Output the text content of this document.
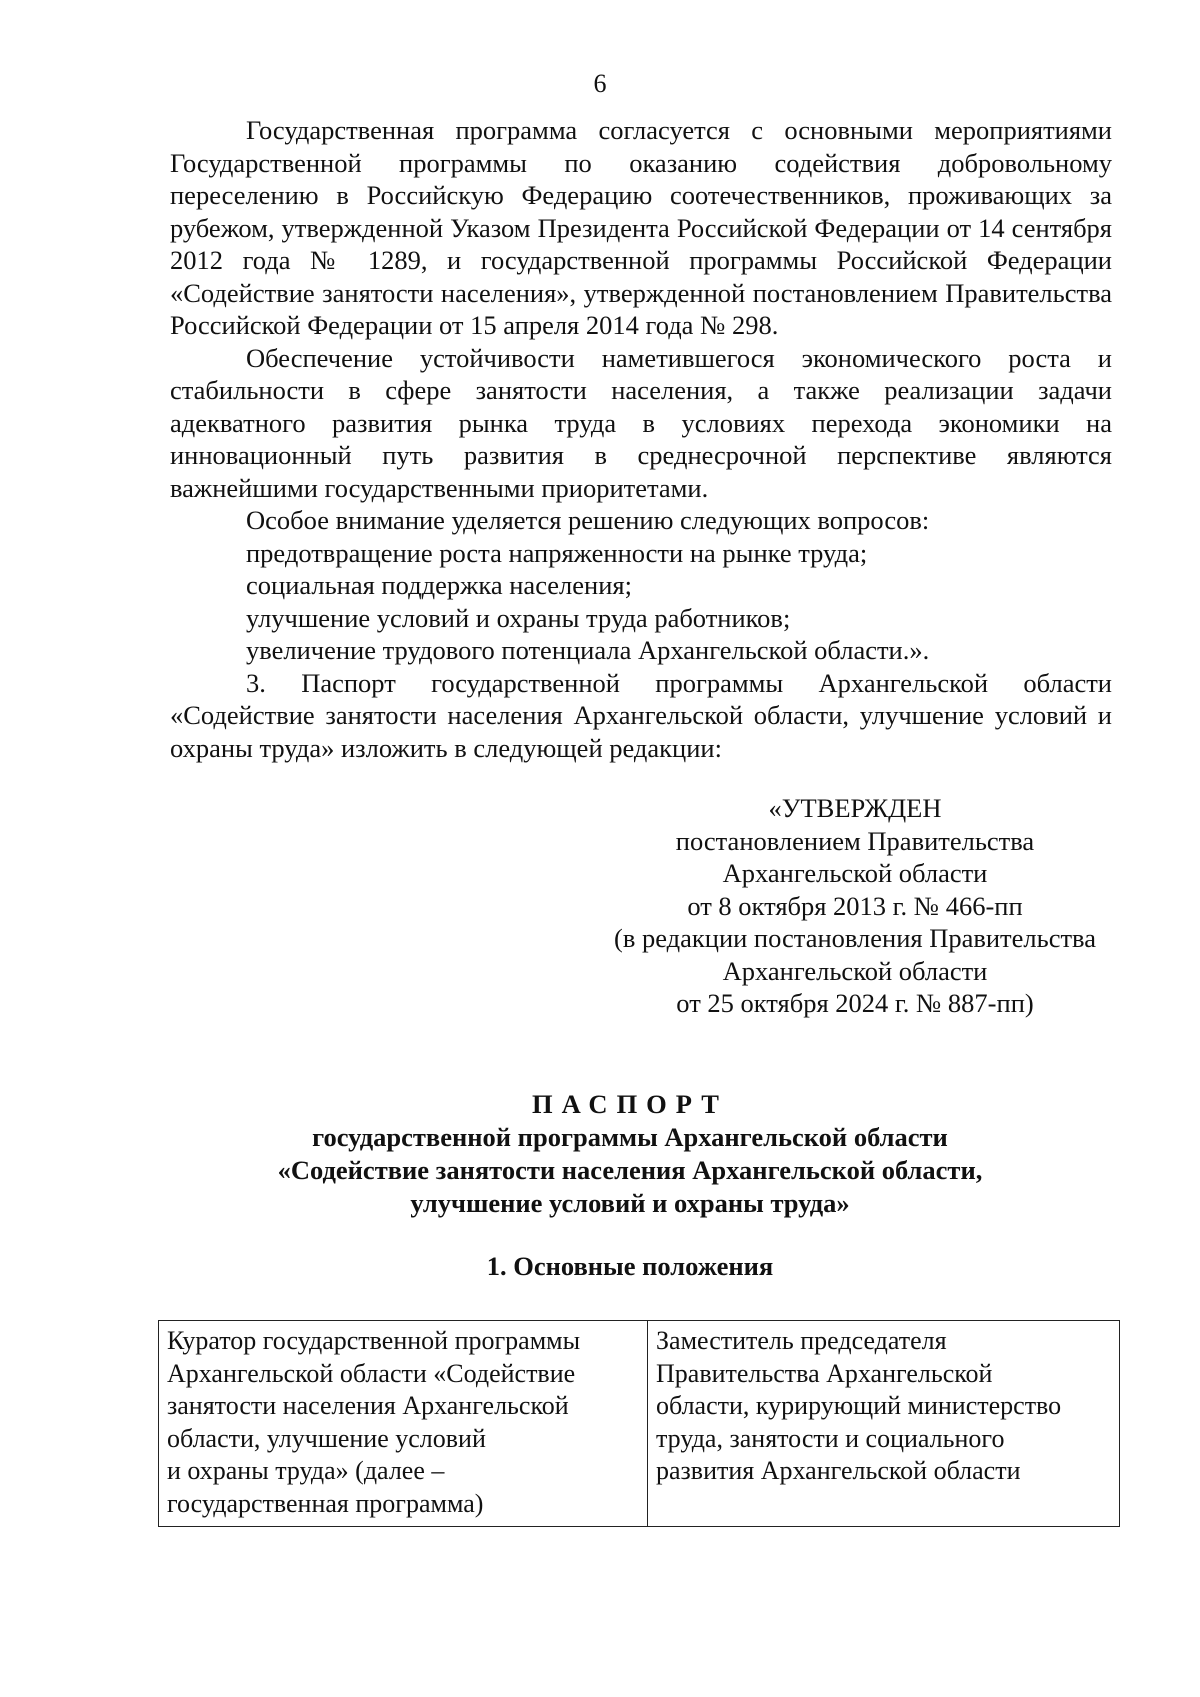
6

Государственная программа согласуется с основными мероприятиями Государственной программы по оказанию содействия добровольному переселению в Российскую Федерацию соотечественников, проживающих за рубежом, утвержденной Указом Президента Российской Федерации от 14 сентября 2012 года № 1289, и государственной программы Российской Федерации «Содействие занятости населения», утвержденной постановлением Правительства Российской Федерации от 15 апреля 2014 года № 298.

Обеспечение устойчивости наметившегося экономического роста и стабильности в сфере занятости населения, а также реализации задачи адекватного развития рынка труда в условиях перехода экономики на инновационный путь развития в среднесрочной перспективе являются важнейшими государственными приоритетами.

Особое внимание уделяется решению следующих вопросов:

предотвращение роста напряженности на рынке труда;

социальная поддержка населения;

улучшение условий и охраны труда работников;

увеличение трудового потенциала Архангельской области.».

3. Паспорт государственной программы Архангельской области «Содействие занятости населения Архангельской области, улучшение условий и охраны труда» изложить в следующей редакции:

«УТВЕРЖДЕН
постановлением Правительства
Архангельской области
от 8 октября 2013 г. № 466-пп
(в редакции постановления Правительства
Архангельской области
от 25 октября 2024 г. № 887-пп)
ПАСПОРТ
государственной программы Архангельской области
«Содействие занятости населения Архангельской области,
улучшение условий и охраны труда»
1. Основные положения
Куратор государственной программы
Архангельской области «Содействие
занятости населения Архангельской
области, улучшение условий
и охраны труда» (далее –
государственная программа)	Заместитель председателя
Правительства Архангельской
области, курирующий министерство
труда, занятости и социального
развития Архангельской области
